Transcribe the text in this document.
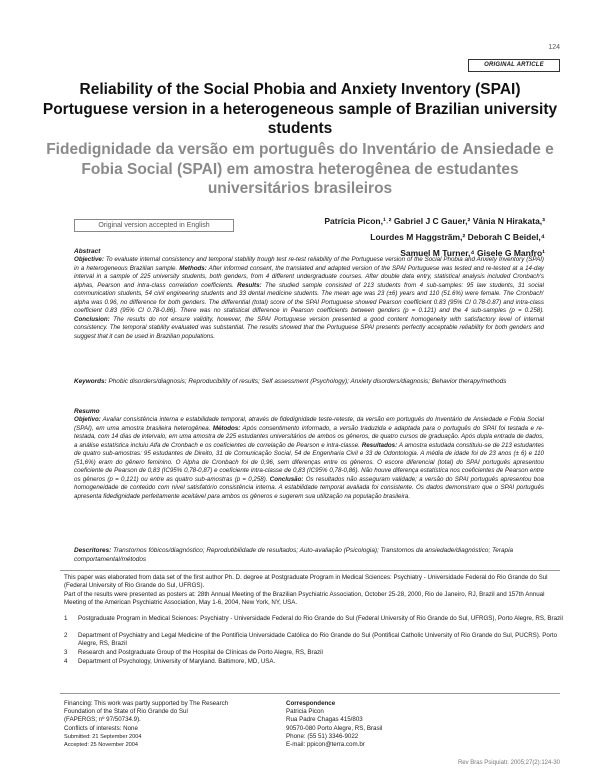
124
ORIGINAL ARTICLE
Reliability of the Social Phobia and Anxiety Inventory (SPAI) Portuguese version in a heterogeneous sample of Brazilian university students
Fidedignidade da versão em português do Inventário de Ansiedade e Fobia Social (SPAI) em amostra heterogênea de estudantes universitários brasileiros
Original version accepted in English	Patrícia Picon,¹˒² Gabriel J C Gauer,² Vânia N Hirakata,³
Lourdes M Haggstrãm,² Deborah C Beidel,⁴
Samuel M Turner,⁴ Gisele G Manfro¹
Abstract

Objective: To evaluate internal consistency and temporal stability trough test re-test reliability of the Portuguese version of the Social Phobia and Anxiety Inventory (SPAI) in a heterogeneous Brazilian sample. Methods: After informed consent, the translated and adapted version of the SPAI Portuguese was tested and re-tested at a 14-day interval in a sample of 225 university students, both genders, from 4 different undergraduate courses. After double data entry, statistical analysis included Cronbach's alphas, Pearson and intra-class correlation coefficients. Results: The studied sample consisted of 213 students from 4 sub-samples: 95 law students, 31 social communication students, 54 civil engineering students and 33 dental medicine students. The mean age was 23 (±6) years and 110 (51.6%) were female. The Cronbach' alpha was 0.96, no difference for both genders. The differential (total) score of the SPAI Portuguese showed Pearson coefficient 0.83 (95% CI 0.78-0.87) and intra-class coefficient 0.83 (95% CI 0.78-0.86). There was no statistical difference in Pearson coefficients between genders (p = 0.121) and the 4 sub-samples (p = 0.258). Conclusion: The results do not ensure validity, however, the SPAI Portuguese version presented a good content homogeneity with satisfactory level of internal consistency. The temporal stability evaluated was substantial. The results showed that the Portuguese SPAI presents perfectly acceptable reliability for both genders and suggest that it can be used in Brazilian populations.

Keywords: Phobic disorders/diagnosis; Reproducibility of results; Self assessment (Psychology); Anxiety disorders/diagnosis; Behavior therapy/methods

Resumo

Objetivo: Avaliar consistência interna e estabilidade temporal, através de fidedignidade teste-reteste, da versão em português do Inventário de Ansiedade e Fobia Social (SPAI), em uma amostra brasileira heterogênea. Métodos: Após consentimento informado, a versão traduzida e adaptada para o português do SPAI foi testada e re-testada, com 14 dias de intervalo, em uma amostra de 225 estudantes universitários de ambos os gêneros, de quatro cursos de graduação. Após dupla entrada de dados, a análise estatística incluiu Alfa de Cronbach e os coeficientes de correlação de Pearson e intra-classe. Resultados: A amostra estudada constituiu-se de 213 estudantes de quatro sub-amostras: 95 estudantes de Direito, 31 de Comunicação Social, 54 de Engenharia Civil e 33 de Odontologia. A média de idade foi de 23 anos (± 6) e 110 (51,6%) eram do gênero feminino. O Alpha de Cronbach foi de 0,96, sem diferenças entre os gêneros. O escore diferencial (total) do SPAI português apresentou coeficiente de Pearson de 0,83 (IC95% 0,78-0,87) e coeficiente intra-classe de 0,83 (IC95% 0,78-0,86). Não houve diferença estatística nos coeficientes de Pearson entre os gêneros (p = 0,121) ou entre as quatro sub-amostras (p = 0,258). Conclusão: Os resultados não asseguram validade; a versão do SPAI português apresentou boa homogeneidade de conteúdo com nível satisfatório consistência interna. A estabilidade temporal avaliada foi consistente. Os dados demonstram que o SPAI português apresenta fidedignidade perfeitamente aceitável para ambos os gêneros e sugerem sua utilização na população brasileira.

Descritores: Transtornos fóbicos/diagnóstico; Reprodutibilidade de resultados; Auto-avaliação (Psicologia); Transtornos da ansiedade/diagnóstico; Terapia comportamental/métodos

This paper was elaborated from data set of the first author Ph. D. degree at Postgraduate Program in Medical Sciences: Psychiatry - Universidade Federal do Rio Grande do Sul (Federal University of Rio Grande do Sul, UFRGS).

Part of the results were presented as posters at: 28th Annual Meeting of the Brazilian Psychiatric Association, October 25-28, 2000, Rio de Janeiro, RJ, Brazil and 157th Annual Meeting of the American Psychiatric Association, May 1-6, 2004, New York, NY, USA.

1	Postgraduate Program in Medical Sciences: Psychiatry - Universidade Federal do Rio Grande do Sul (Federal University of Rio Grande do Sul, UFRGS), Porto Alegre, RS, Brazil
2	Department of Psychiatry and Legal Medicine of the Pontifícia Universidade Católica do Rio Grande do Sul (Pontifical Catholic University of Rio Grande do Sul, PUCRS). Porto Alegre, RS, Brazil
3	Research and Postgraduate Group of the Hospital de Clínicas de Porto Alegre, RS, Brazil
4	Department of Psychology, University of Maryland. Baltimore, MD, USA.
Financing: This work was partly supported by The Research
Foundation of the State of Rio Grande do Sul
(FAPERGS; nº 97/50734.9).
Conflicts of interests: None
Submitted: 21 September 2004
Accepted: 25 November 2004
Correspondence
Patricia Picon
Rua Padre Chagas 415/803
90570-080 Porto Alegre, RS, Brasil
Phone: (55 51) 3346-9022
E-mail: ppicon@terra.com.br
Rev Bras Psiquiatr. 2005;27(2):124-30
